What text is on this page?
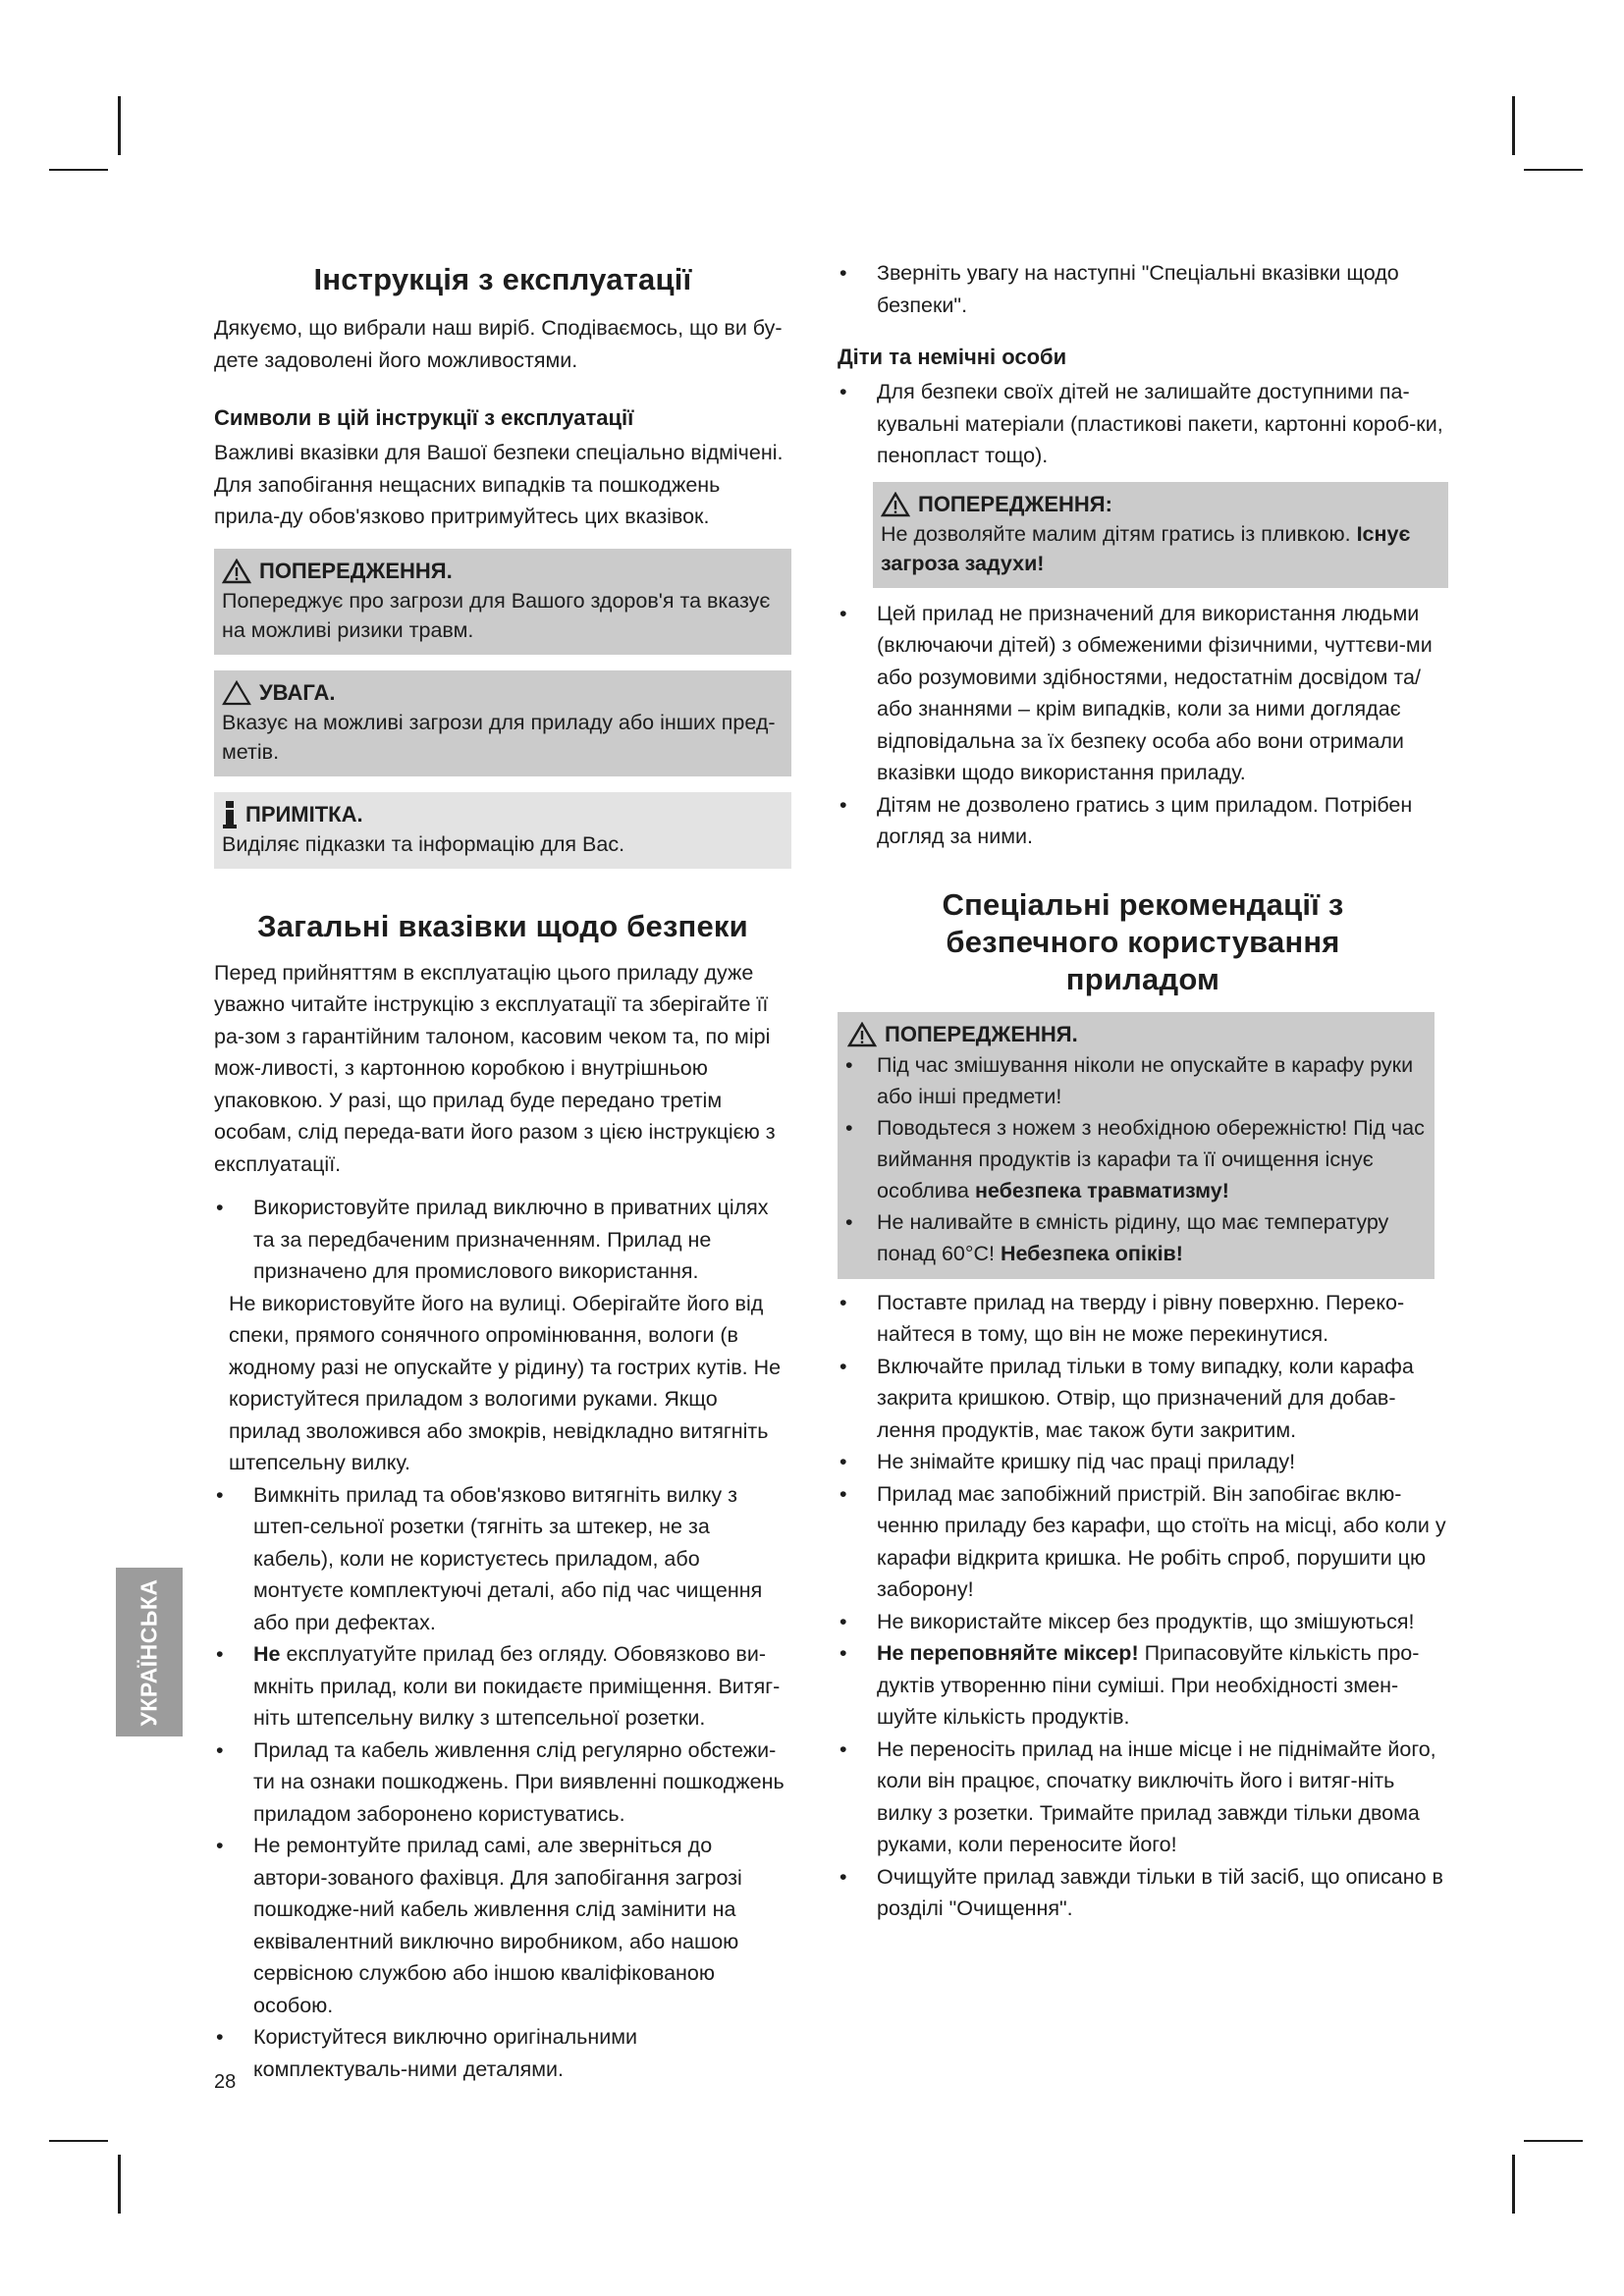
Інструкція з експлуатації

Дякуємо, що вибрали наш виріб. Сподіваємось, що ви бу-дете задоволені його можливостями.

Символи в цій інструкції з експлуатації

Важливі вказівки для Вашої безпеки спеціально відмічені. Для запобігання нещасних випадків та пошкоджень прила-ду обов'язково притримуйтесь цих вказівок.

ПОПЕРЕДЖЕННЯ.
Попереджує про загрози для Вашого здоров'я та вказує на можливі ризики травм.
УВАГА.
Вказує на можливі загрози для приладу або інших пред-метів.
ПРИМІТКА.
Виділяє підказки та інформацію для Вас.
Загальні вказівки щодо безпеки

Перед прийняттям в експлуатацію цього приладу дуже уважно читайте інструкцію з експлуатації та зберігайте її ра-зом з гарантійним талоном, касовим чеком та, по мірі мож-ливості, з картонною коробкою і внутрішньою упаковкою. У разі, що прилад буде передано третім особам, слід переда-вати його разом з цією інструкцією з експлуатації.

• Використовуйте прилад виключно в приватних цілях та за передбаченим призначенням. Прилад не призначено для промислового використання.
Не використовуйте його на вулиці. Оберігайте його від спеки, прямого сонячного опромінювання, вологи (в жодному разі не опускайте у рідину) та гострих кутів. Не користуйтеся приладом з вологими руками. Якщо прилад зволожився або змокрів, невідкладно витягніть штепсельну вилку.
• Вимкніть прилад та обов'язково витягніть вилку з штеп-сельної розетки (тягніть за штекер, не за кабель), коли не користуєтесь приладом, або монтуєте комплектуючі деталі, або під час чищення або при дефектах.
• Не експлуатуйте прилад без огляду. Обовязково ви-мкніть прилад, коли ви покидаєте приміщення. Витяг-ніть штепсельну вилку з штепсельної розетки.
• Прилад та кабель живлення слід регулярно обстежи-ти на ознаки пошкоджень. При виявленні пошкоджень приладом заборонено користуватись.
• Не ремонтуйте прилад самі, але зверніться до автори-зованого фахівця. Для запобігання загрозі пошкодже-ний кабель живлення слід замінити на еквівалентний виключно виробником, або нашою сервісною службою або іншою кваліфікованою особою.
• Користуйтеся виключно оригінальними комплектуваль-ними деталями.
• Зверніть увагу на наступні "Спеціальні вказівки щодо безпеки".
Діти та немічні особи
• Для безпеки своїх дітей не залишайте доступними па-кувальні матеріали (пластикові пакети, картонні короб-ки, пенопласт тощо).
ПОПЕРЕДЖЕННЯ:
Не дозволяйте малим дітям гратись із пливкою. Існує загроза задухи!
• Цей прилад не призначений для використання людьми (включаючи дітей) з обмеженими фізичними, чуттєви-ми або розумовими здібностями, недостатнім досвідом та/або знаннями – крім випадків, коли за ними доглядає відповідальна за їх безпеку особа або вони отримали вказівки щодо використання приладу.
• Дітям не дозволено гратись з цим приладом. Потрібен догляд за ними.
Спеціальні рекомендації з безпечного користування приладом
ПОПЕРЕДЖЕННЯ.
• Під час змішування ніколи не опускайте в карафу руки або інші предмети!
• Поводьтеся з ножем з необхідною обережністю! Під час виймання продуктів із карафи та її очищення існує особлива небезпека травматизму!
• Не наливайте в ємність рідину, що має температуру понад 60°C! Небезпека опіків!
• Поставте прилад на тверду і рівну поверхню. Переко-найтеся в тому, що він не може перекинутися.
• Включайте прилад тільки в тому випадку, коли карафа закрита кришкою. Отвір, що призначений для добав-лення продуктів, має також бути закритим.
• Не знімайте кришку під час праці приладу!
• Прилад має запобіжний пристрій. Він запобігає вклю-ченню приладу без карафи, що стоїть на місці, або коли у карафи відкрита кришка. Не робіть спроб, порушити цю заборону!
• Не використайте міксер без продуктів, що змішуються!
• Не переповняйте міксер! Припасовуйте кількість про-дуктів утворенню піни суміші. При необхідності змен-шуйте кількість продуктів.
• Не переносіть прилад на інше місце і не піднімайте його, коли він працює, спочатку виключіть його і витяг-ніть вилку з розетки. Тримайте прилад завжди тільки двома руками, коли переносите його!
• Очищуйте прилад завжди тільки в тій засіб, що описано в розділі "Очищення".
УКРАЇНСЬКА
28
